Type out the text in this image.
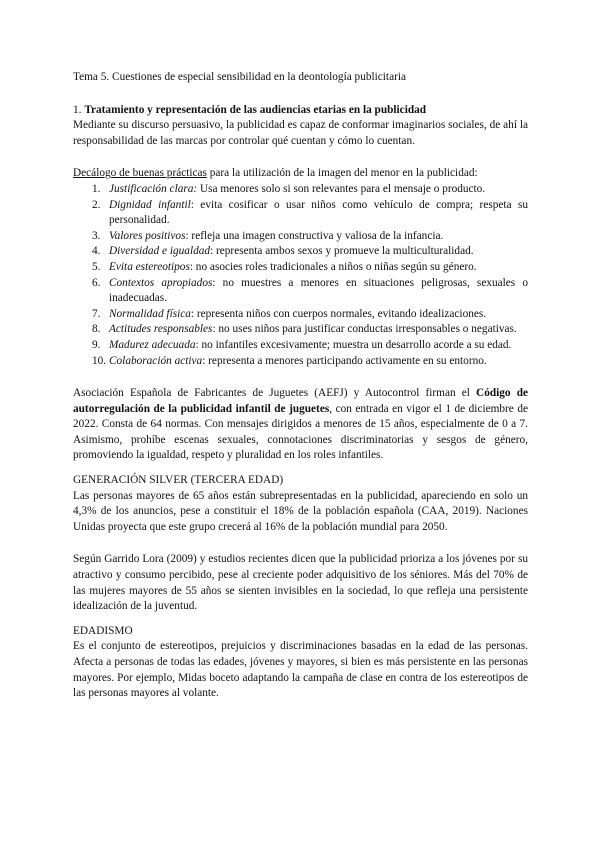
Tema 5. Cuestiones de especial sensibilidad en la deontología publicitaria

1. Tratamiento y representación de las audiencias etarias en la publicidad

Mediante su discurso persuasivo, la publicidad es capaz de conformar imaginarios sociales, de ahí la responsabilidad de las marcas por controlar qué cuentan y cómo lo cuentan.

Decálogo de buenas prácticas para la utilización de la imagen del menor en la publicidad:

1. Justificación clara: Usa menores solo si son relevantes para el mensaje o producto.
2. Dignidad infantil: evita cosificar o usar niños como vehículo de compra; respeta su personalidad.
3. Valores positivos: refleja una imagen constructiva y valiosa de la infancia.
4. Diversidad e igualdad: representa ambos sexos y promueve la multiculturalidad.
5. Evita estereotipos: no asocies roles tradicionales a niños o niñas según su género.
6. Contextos apropiados: no muestres a menores en situaciones peligrosas, sexuales o inadecuadas.
7. Normalidad física: representa niños con cuerpos normales, evitando idealizaciones.
8. Actitudes responsables: no uses niños para justificar conductas irresponsables o negativas.
9. Madurez adecuada: no infantiles excesivamente; muestra un desarrollo acorde a su edad.
10. Colaboración activa: representa a menores participando activamente en su entorno.

Asociación Española de Fabricantes de Juguetes (AEFJ) y Autocontrol firman el Código de autorregulación de la publicidad infantil de juguetes, con entrada en vigor el 1 de diciembre de 2022. Consta de 64 normas. Con mensajes dirigidos a menores de 15 años, especialmente de 0 a 7. Asimismo, prohíbe escenas sexuales, connotaciones discriminatorias y sesgos de género, promoviendo la igualdad, respeto y pluralidad en los roles infantiles.

GENERACIÓN SILVER (TERCERA EDAD)

Las personas mayores de 65 años están subrepresentadas en la publicidad, apareciendo en solo un 4,3% de los anuncios, pese a constituir el 18% de la población española (CAA, 2019). Naciones Unidas proyecta que este grupo crecerá al 16% de la población mundial para 2050.

Según Garrido Lora (2009) y estudios recientes dicen que la publicidad prioriza a los jóvenes por su atractivo y consumo percibido, pese al creciente poder adquisitivo de los séniores. Más del 70% de las mujeres mayores de 55 años se sienten invisibles en la sociedad, lo que refleja una persistente idealización de la juventud.

EDADISMO

Es el conjunto de estereotipos, prejuicios y discriminaciones basadas en la edad de las personas. Afecta a personas de todas las edades, jóvenes y mayores, si bien es más persistente en las personas mayores. Por ejemplo, Midas boceto adaptando la campaña de clase en contra de los estereotipos de las personas mayores al volante.
